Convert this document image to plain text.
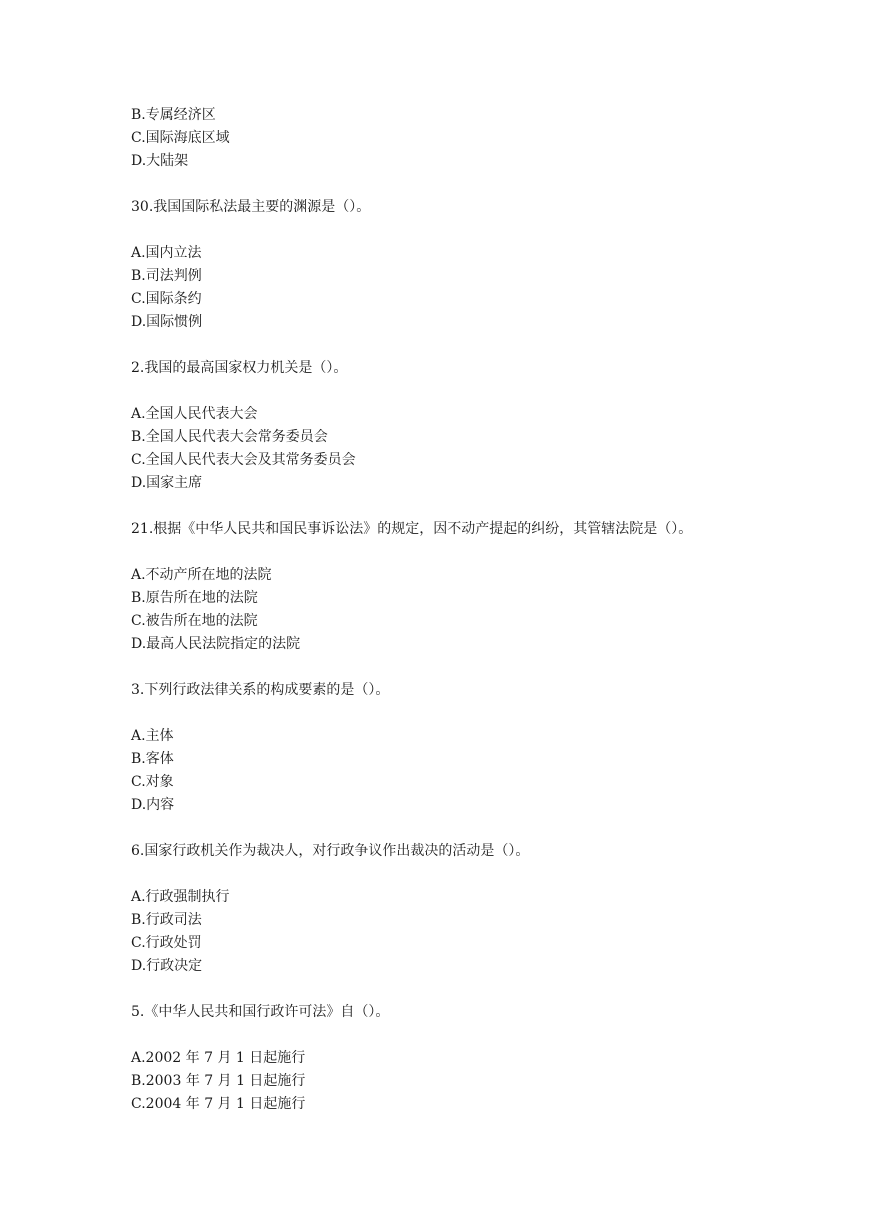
B.专属经济区
C.国际海底区域
D.大陆架
30.我国国际私法最主要的渊源是（）。
A.国内立法
B.司法判例
C.国际条约
D.国际惯例
2.我国的最高国家权力机关是（）。
A.全国人民代表大会
B.全国人民代表大会常务委员会
C.全国人民代表大会及其常务委员会
D.国家主席
21.根据《中华人民共和国民事诉讼法》的规定，因不动产提起的纠纷，其管辖法院是（）。
A.不动产所在地的法院
B.原告所在地的法院
C.被告所在地的法院
D.最高人民法院指定的法院
3.下列行政法律关系的构成要素的是（）。
A.主体
B.客体
C.对象
D.内容
6.国家行政机关作为裁决人，对行政争议作出裁决的活动是（）。
A.行政强制执行
B.行政司法
C.行政处罚
D.行政决定
5.《中华人民共和国行政许可法》自（）。
A.2002 年 7 月 1 日起施行
B.2003 年 7 月 1 日起施行
C.2004 年 7 月 1 日起施行
